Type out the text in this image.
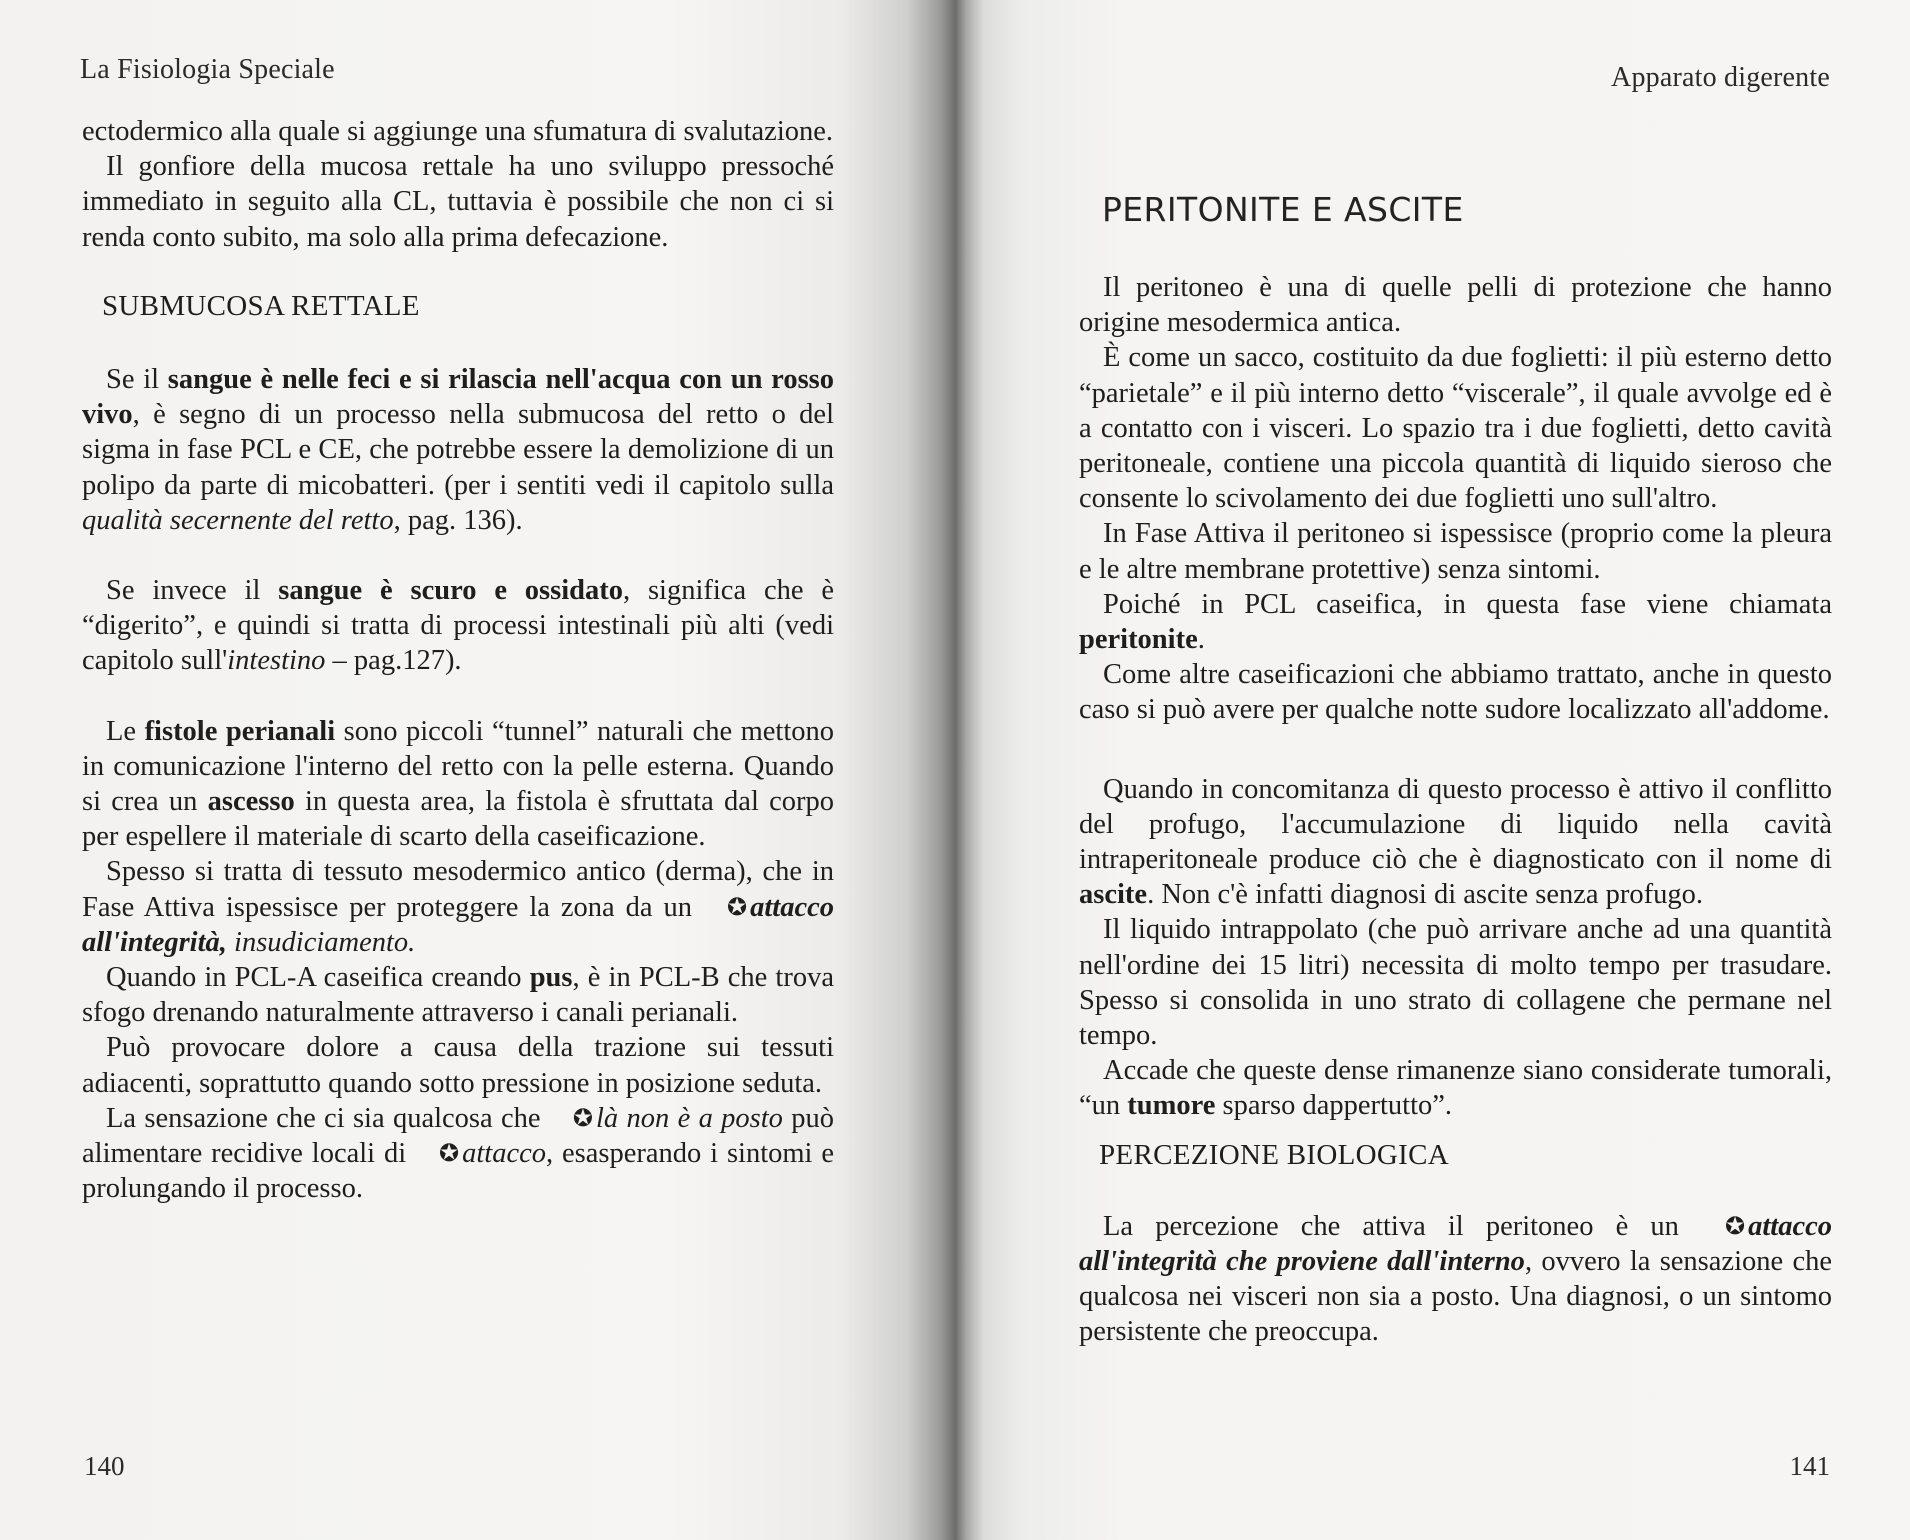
La Fisiologia Speciale

ectodermico alla quale si aggiunge una sfumatura di svalutazione.

Il gonfiore della mucosa rettale ha uno sviluppo pressoché immediato in seguito alla CL, tuttavia è possibile che non ci si renda conto subito, ma solo alla prima defecazione.

SUBMUCOSA RETTALE

Se il sangue è nelle feci e si rilascia nell'acqua con un rosso vivo, è segno di un processo nella submucosa del retto o del sigma in fase PCL e CE, che potrebbe essere la demolizione di un polipo da parte di micobatteri. (per i sentiti vedi il capitolo sulla qualità secernente del retto, pag. 136).

Se invece il sangue è scuro e ossidato, significa che è “digerito”, e quindi si tratta di processi intestinali più alti (vedi capitolo sull'intestino – pag.127).

Le fistole perianali sono piccoli “tunnel” naturali che mettono in comunicazione l'interno del retto con la pelle esterna. Quando si crea un ascesso in questa area, la fistola è sfruttata dal corpo per espellere il materiale di scarto della caseificazione.

Spesso si tratta di tessuto mesodermico antico (derma), che in Fase Attiva ispessisce per proteggere la zona da un ✪ attacco all'integrità, insudiciamento.

Quando in PCL-A caseifica creando pus, è in PCL-B che trova sfogo drenando naturalmente attraverso i canali perianali.

Può provocare dolore a causa della trazione sui tessuti adiacenti, soprattutto quando sotto pressione in posizione seduta.

La sensazione che ci sia qualcosa che ✪ là non è a posto può alimentare recidive locali di ✪ attacco, esasperando i sintomi e prolungando il processo.

140
Apparato digerente
PERITONITE E ASCITE

Il peritoneo è una di quelle pelli di protezione che hanno origine mesodermica antica.

È come un sacco, costituito da due foglietti: il più esterno detto “parietale” e il più interno detto “viscerale”, il quale avvolge ed è a contatto con i visceri. Lo spazio tra i due foglietti, detto cavità peritoneale, contiene una piccola quantità di liquido sieroso che consente lo scivolamento dei due foglietti uno sull'altro.

In Fase Attiva il peritoneo si ispessisce (proprio come la pleura e le altre membrane protettive) senza sintomi.

Poiché in PCL caseifica, in questa fase viene chiamata peritonite.

Come altre caseificazioni che abbiamo trattato, anche in questo caso si può avere per qualche notte sudore localizzato all'addome.

Quando in concomitanza di questo processo è attivo il conflitto del profugo, l'accumulazione di liquido nella cavità intraperitoneale produce ciò che è diagnosticato con il nome di ascite. Non c'è infatti diagnosi di ascite senza profugo.

Il liquido intrappolato (che può arrivare anche ad una quantità nell'ordine dei 15 litri) necessita di molto tempo per trasudare. Spesso si consolida in uno strato di collagene che permane nel tempo.

Accade che queste dense rimanenze siano considerate tumorali, “un tumore sparso dappertutto”.

PERCEZIONE BIOLOGICA

La percezione che attiva il peritoneo è un ✪ attacco all'integrità che proviene dall'interno, ovvero la sensazione che qualcosa nei visceri non sia a posto. Una diagnosi, o un sintomo persistente che preoccupa.

141
